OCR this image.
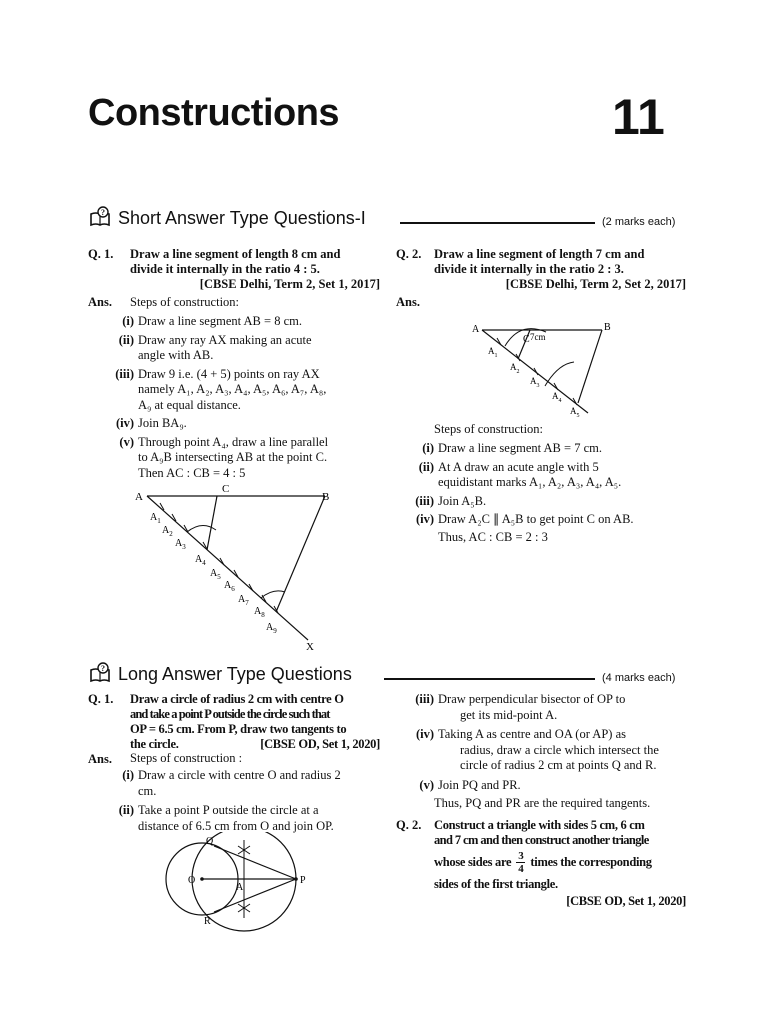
Constructions	11
? Short Answer Type Questions-I	(2 marks each)
Q. 1. Draw a line segment of length 8 cm and
divide it internally in the ratio 4 : 5.
[CBSE Delhi, Term 2, Set 1, 2017]
Ans. Steps of construction:
(i) Draw a line segment AB = 8 cm.
(ii) Draw any ray AX making an acute
angle with AB.
(iii) Draw 9 i.e. (4 + 5) points on ray AX
namely A₁, A₂, A₃, A₄, A₅, A₆, A₇, A₈,
A₉ at equal distance.
(iv) Join BA₉.
(v) Through point A₄, draw a line parallel
to A₉B intersecting AB at the point C.
Then AC : CB = 4 : 5
A
C
B
X
$A_1$
$A_2$
$A_3$
$A_4$
$A_5$
$A_6$
$A_7$
$A_8$
$A_9$
Q. 2. Draw a line segment of length 7 cm and
divide it internally in the ratio 2 : 3.
[CBSE Delhi, Term 2, Set 2, 2017]
Ans.
A	B
C 7cm
$A_1$
$A_2$
$A_3$
$A_4$
$A_5$
Steps of construction:
(i) Draw a line segment AB = 7 cm.
(ii) At A draw an acute angle with 5
equidistant marks A₁, A₂, A₃, A₄, A₅.
(iii) Join A₅B.
(iv) Draw A₂C ∥ A₅B to get point C on AB.
Thus, AC : CB = 2 : 3
? Long Answer Type Questions	(4 marks each)
Q. 1. Draw a circle of radius 2 cm with centre O
and take a point P outside the circle such that
OP = 6.5 cm. From P, draw two tangents to
the circle.	[CBSE OD, Set 1, 2020]
Ans. Steps of construction :
(i) Draw a circle with centre O and radius 2
cm.
(ii) Take a point P outside the circle at a
distance of 6.5 cm from O and join OP.
O	P
Q
R
A
(iii) Draw perpendicular bisector of OP to
get its mid-point A.
(iv) Taking A as centre and OA (or AP) as
radius, draw a circle which intersect the
circle of radius 2 cm at points Q and R.
(v) Join PQ and PR.
Thus, PQ and PR are the required tangents.
Q. 2. Construct a triangle with sides 5 cm, 6 cm
and 7 cm and then construct another triangle
whose sides are 3
4 times the corresponding
sides of the first triangle.
[CBSE OD, Set 1, 2020]
